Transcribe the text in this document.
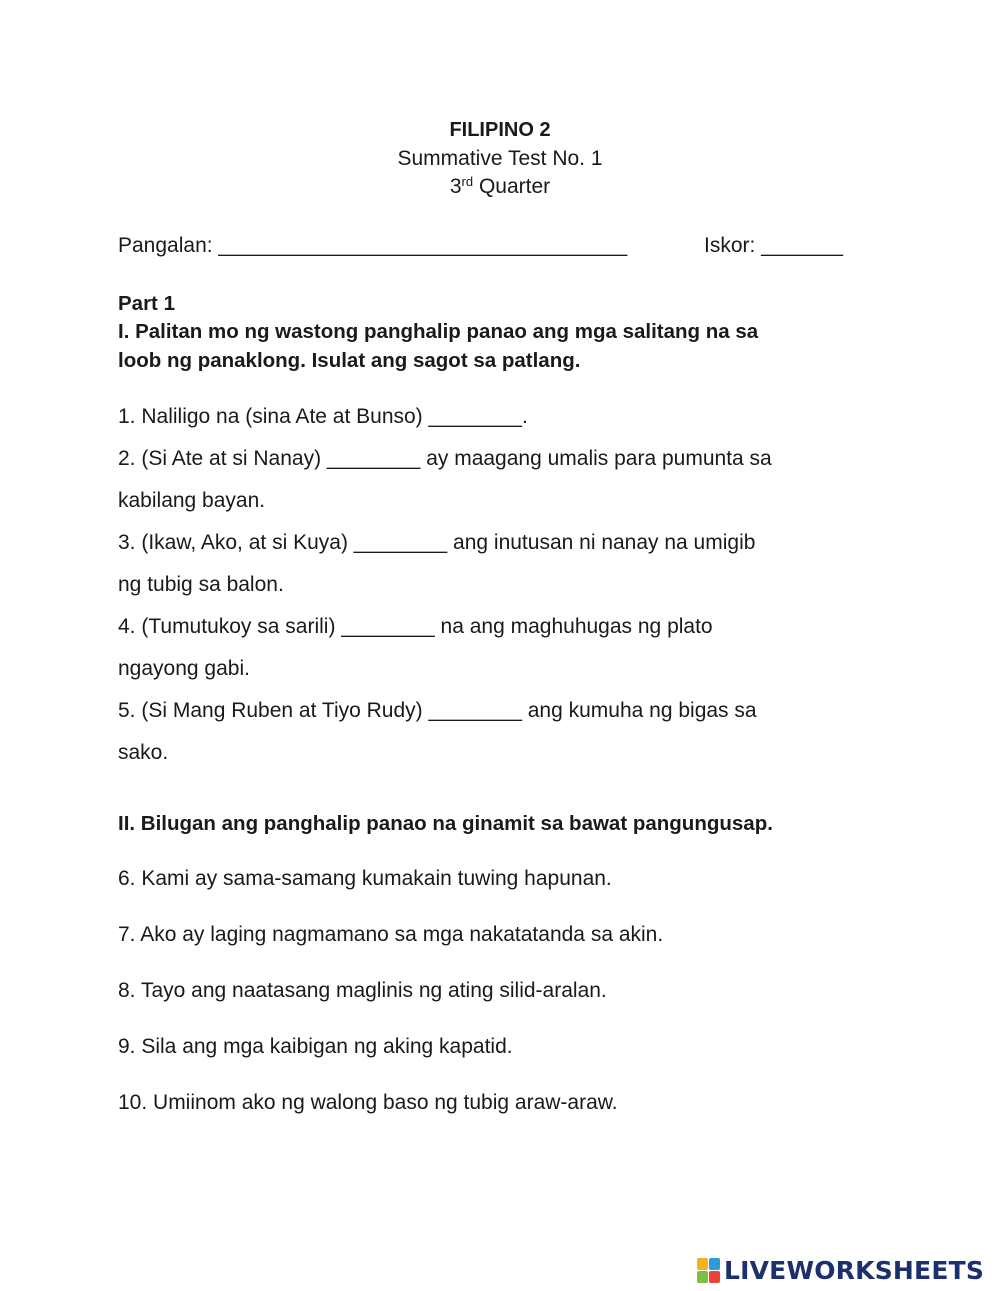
FILIPINO 2
Summative Test No. 1
3rd Quarter
Pangalan: ___________________________________	Iskor: _______
Part 1
I. Palitan mo ng wastong panghalip panao ang mga salitang na sa
loob ng panaklong. Isulat ang sagot sa patlang.
1. Naliligo na (sina Ate at Bunso) ________.
2. (Si Ate at si Nanay) ________ ay maagang umalis para pumunta sa
kabilang bayan.
3. (Ikaw, Ako, at si Kuya) ________ ang inutusan ni nanay na umigib
ng tubig sa balon.
4. (Tumutukoy sa sarili) ________ na ang maghuhugas ng plato
ngayong gabi.
5. (Si Mang Ruben at Tiyo Rudy) ________ ang kumuha ng bigas sa
sako.
II. Bilugan ang panghalip panao na ginamit sa bawat pangungusap.
6. Kami ay sama-samang kumakain tuwing hapunan.
7. Ako ay laging nagmamano sa mga nakatatanda sa akin.
8. Tayo ang naatasang maglinis ng ating silid-aralan.
9. Sila ang mga kaibigan ng aking kapatid.
10. Umiinom ako ng walong baso ng tubig araw-araw.
LIVEWORKSHEETS
